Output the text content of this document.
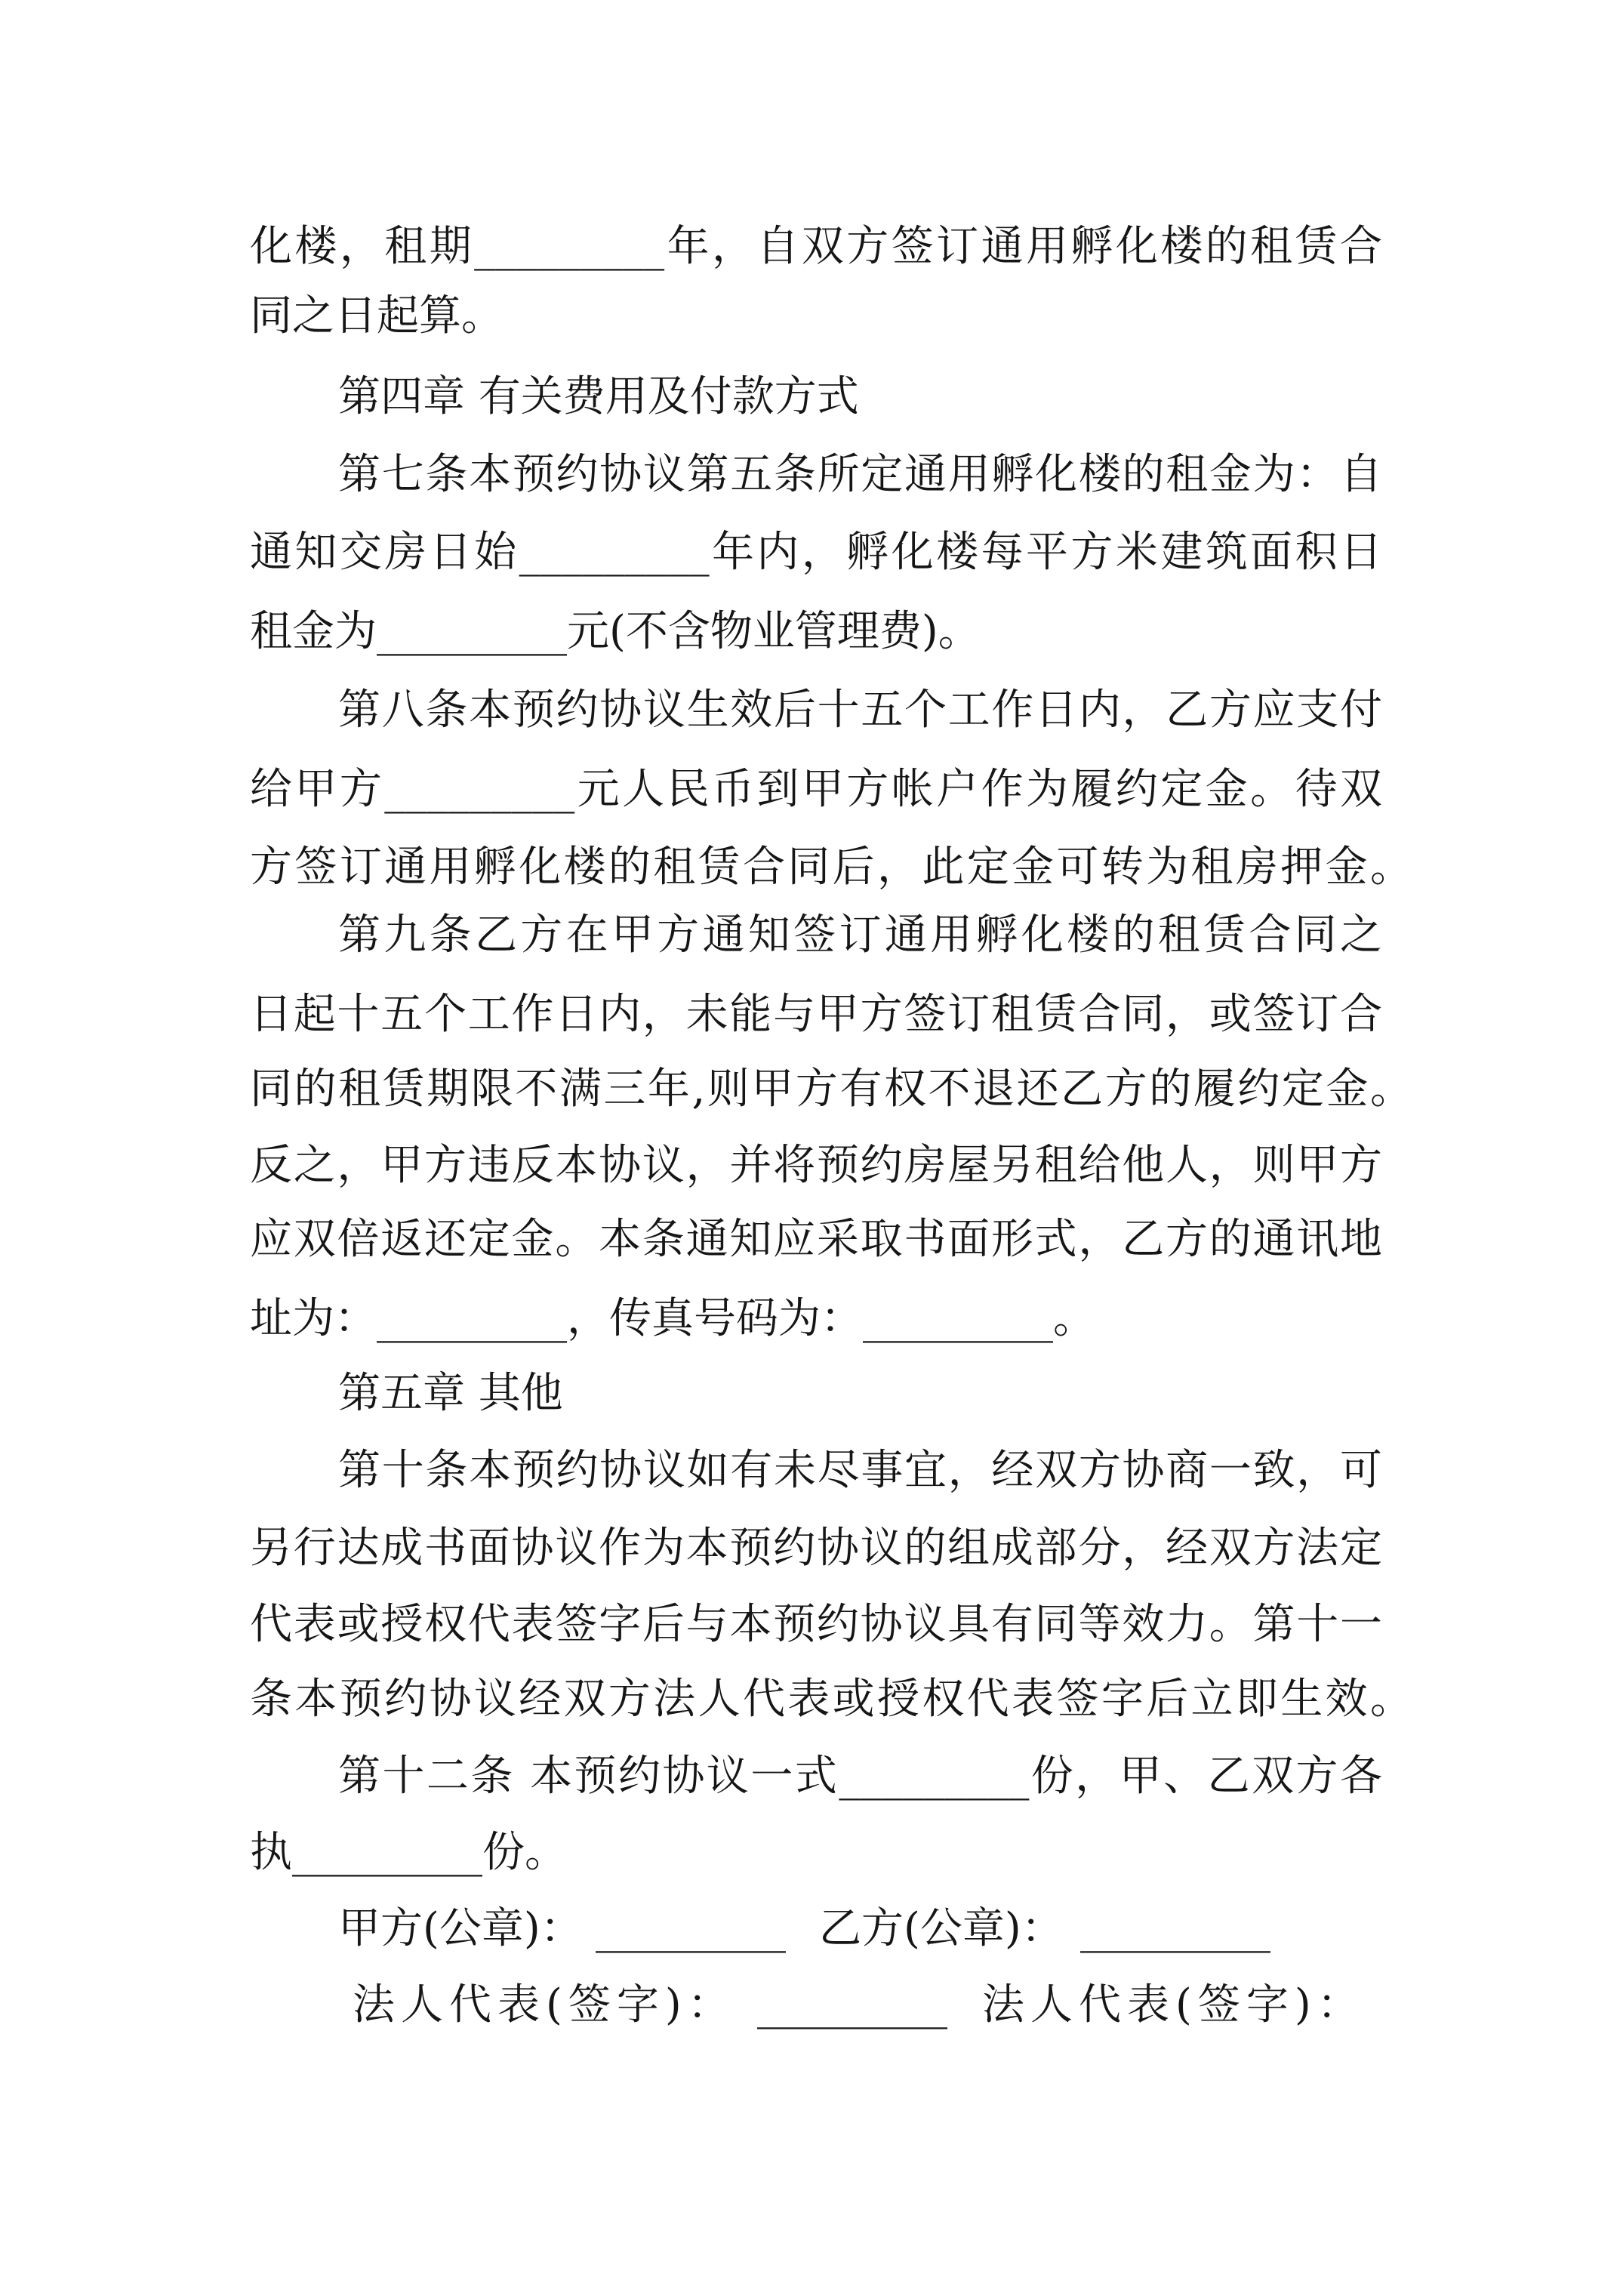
化楼，租期_________年，自双方签订通用孵化楼的租赁合
同之日起算。
第四章 有关费用及付款方式
第七条本预约协议第五条所定通用孵化楼的租金为：自
通知交房日始_________年内，孵化楼每平方米建筑面积日
租金为_________元(不含物业管理费)。
第八条本预约协议生效后十五个工作日内，乙方应支付
给甲方_________元人民币到甲方帐户作为履约定金。待双
方签订通用孵化楼的租赁合同后，此定金可转为租房押金。
第九条乙方在甲方通知签订通用孵化楼的租赁合同之
日起十五个工作日内，未能与甲方签订租赁合同，或签订合
同的租赁期限不满三年,则甲方有权不退还乙方的履约定金。
反之，甲方违反本协议，并将预约房屋另租给他人，则甲方
应双倍返还定金。本条通知应采取书面形式，乙方的通讯地
址为：_________，传真号码为：_________。
第五章 其他
第十条本预约协议如有未尽事宜，经双方协商一致，可
另行达成书面协议作为本预约协议的组成部分，经双方法定
代表或授权代表签字后与本预约协议具有同等效力。第十一
条本预约协议经双方法人代表或授权代表签字后立即生效。
第十二条 本预约协议一式_________份，甲、乙双方各
执_________份。
甲方(公章)： _________ 乙方(公章)： _________
法人代表(签字)： _________ 法人代表(签字)：
